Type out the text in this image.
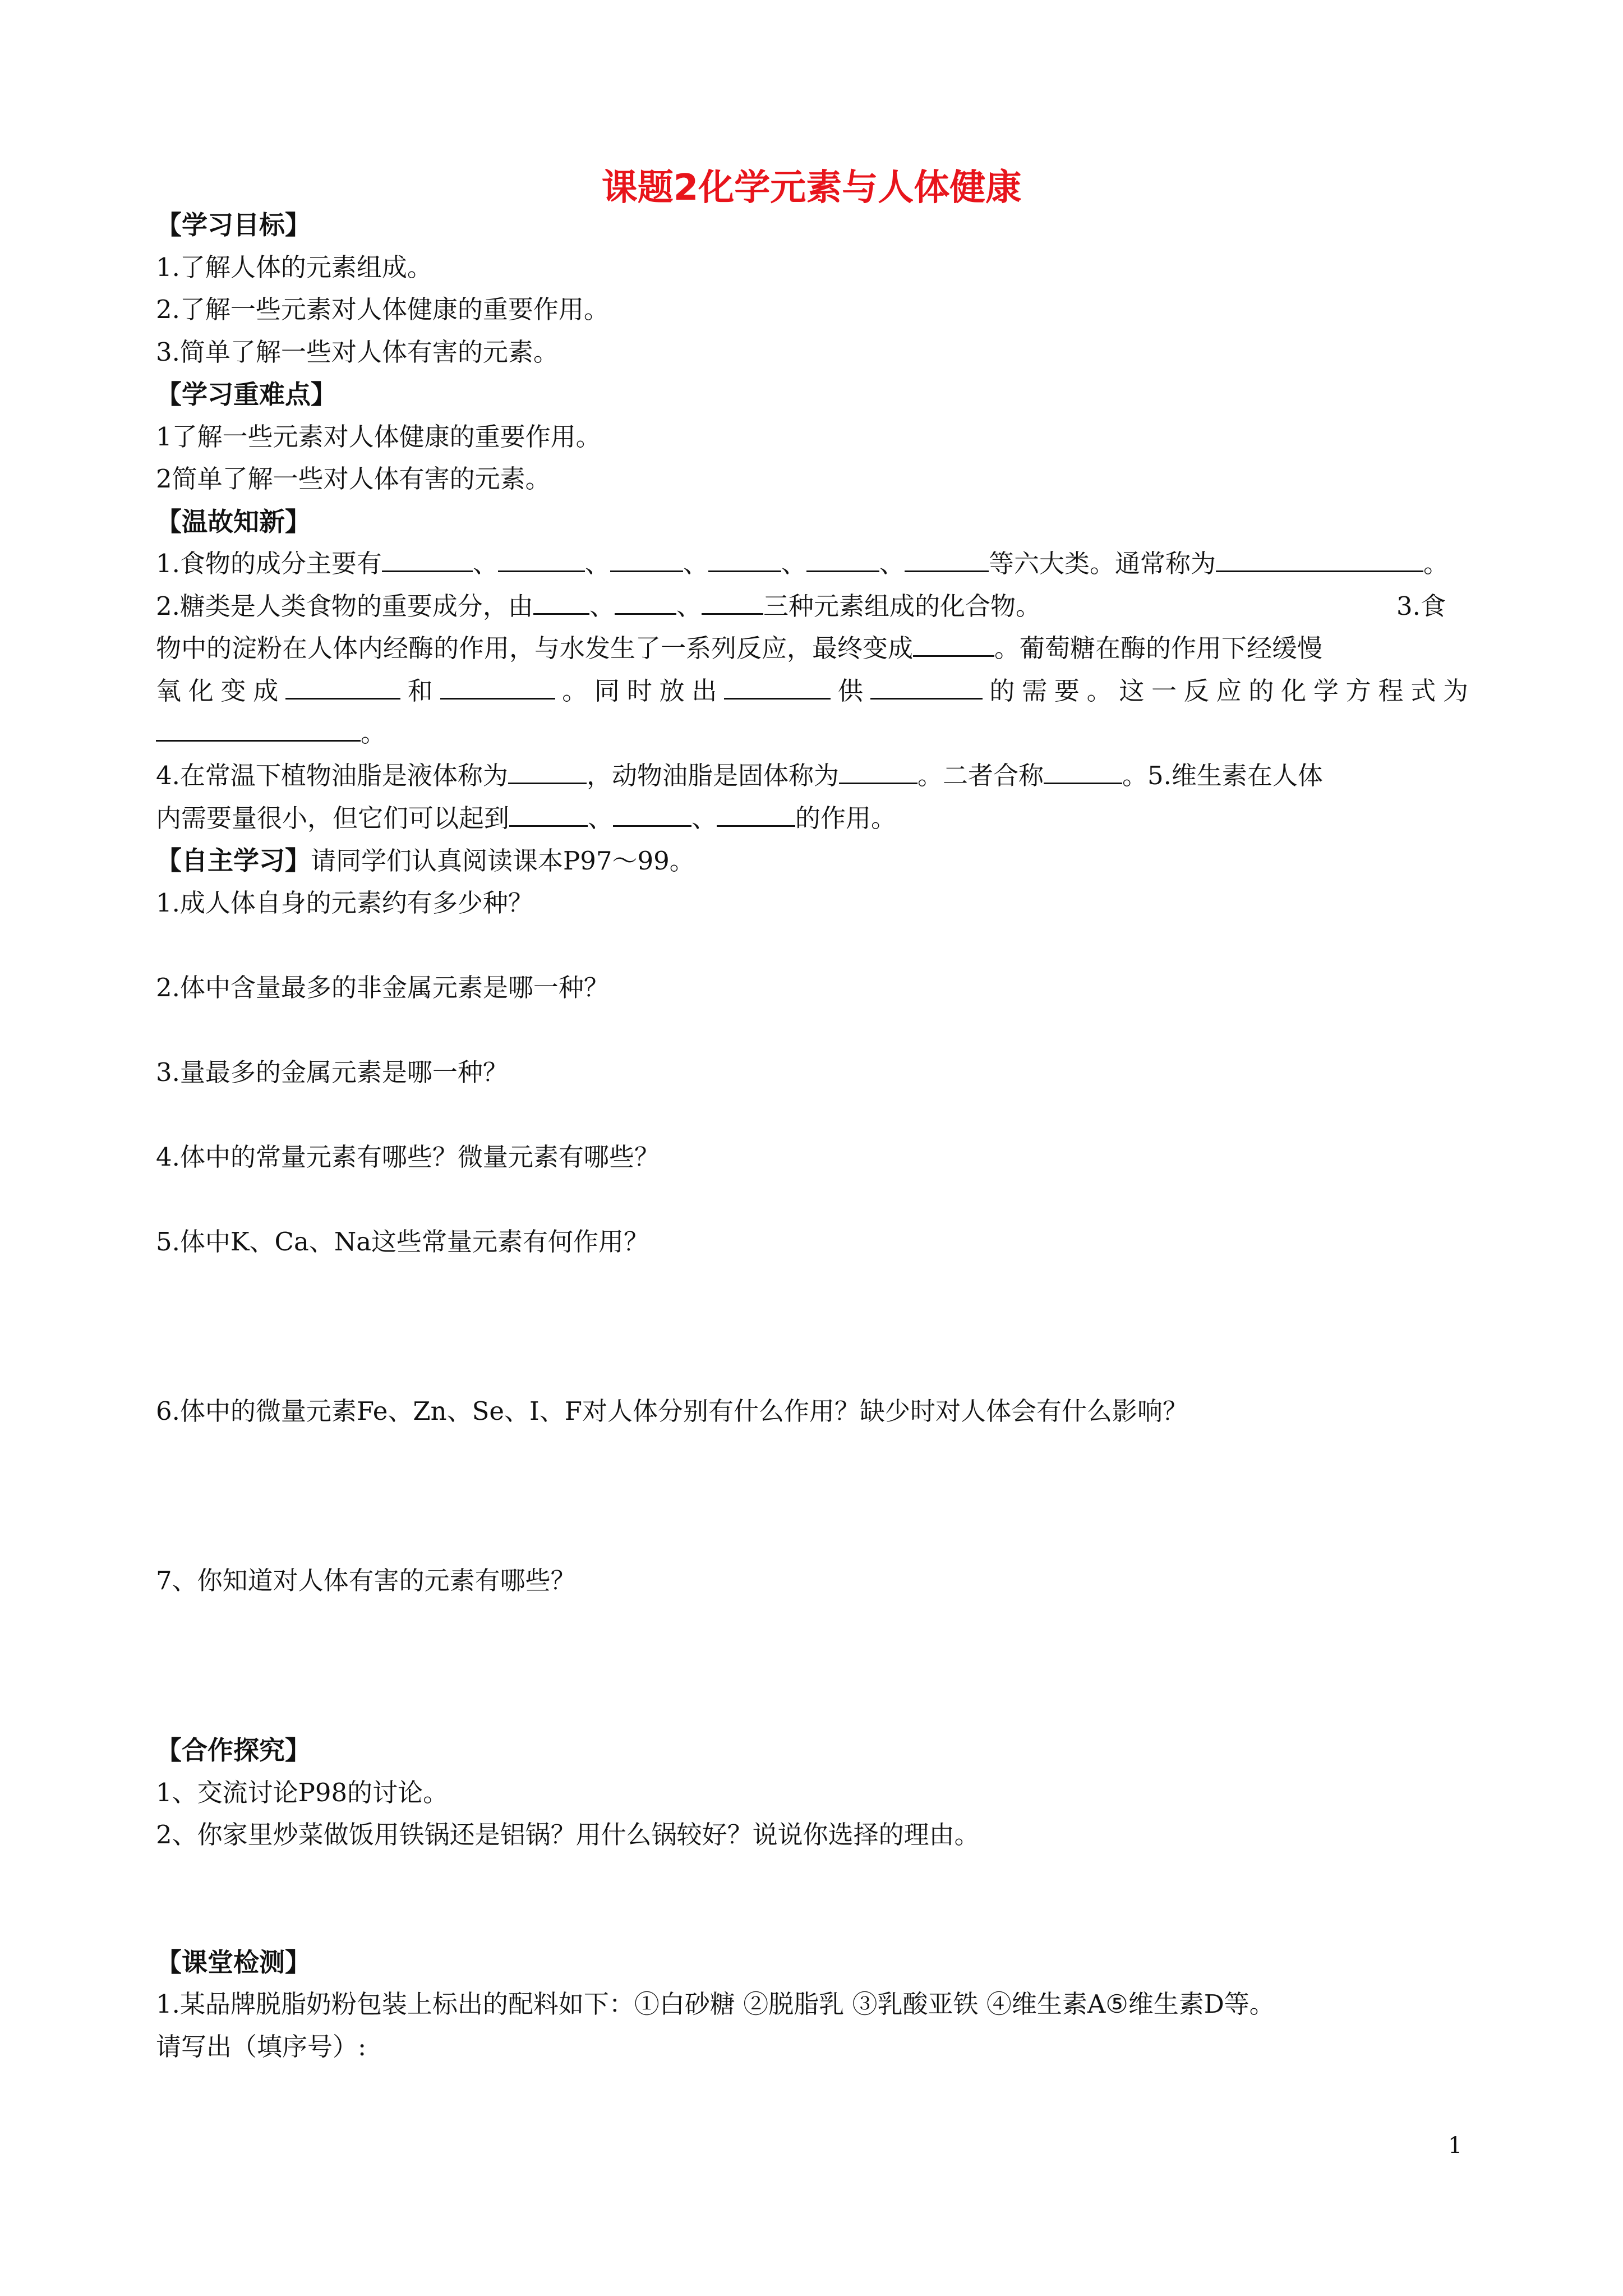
课题2化学元素与人体健康
【学习目标】
1.了解人体的元素组成。
2.了解一些元素对人体健康的重要作用。
3.简单了解一些对人体有害的元素。
【学习重难点】
1了解一些元素对人体健康的重要作用。
2简单了解一些对人体有害的元素。
【温故知新】
1.食物的成分主要有	、	、	、	、	、	等六大类。通常称为	。
2.糖类是人类食物的重要成分，由 、 、 三种元素组成的化合物。	3.食
物中的淀粉在人体内经酶的作用，与水发生了一系列反应，最终变成	。葡萄糖在酶的作用下经缓慢
氧化变成	和	。同时放出	供	的需要。这一反应的化学方程式为
。
4.在常温下植物油脂是液体称为	，动物油脂是固体称为	。二者合称	。5.维生素在人体
内需要量很小，但它们可以起到	、	、	的作用。
【自主学习】请同学们认真阅读课本P97～99。
1.成人体自身的元素约有多少种？
2.体中含量最多的非金属元素是哪一种？
3.量最多的金属元素是哪一种？
4.体中的常量元素有哪些？微量元素有哪些？
5.体中K、Ca、Na这些常量元素有何作用？
6.体中的微量元素Fe、Zn、Se、I、F对人体分别有什么作用？缺少时对人体会有什么影响？
7、你知道对人体有害的元素有哪些？
【合作探究】
1、交流讨论P98的讨论。
2、你家里炒菜做饭用铁锅还是铝锅？用什么锅较好？说说你选择的理由。
【课堂检测】
1.某品牌脱脂奶粉包装上标出的配料如下：①白砂糖 ②脱脂乳 ③乳酸亚铁 ④维生素A⑤维生素D等。
请写出（填序号）:
1
